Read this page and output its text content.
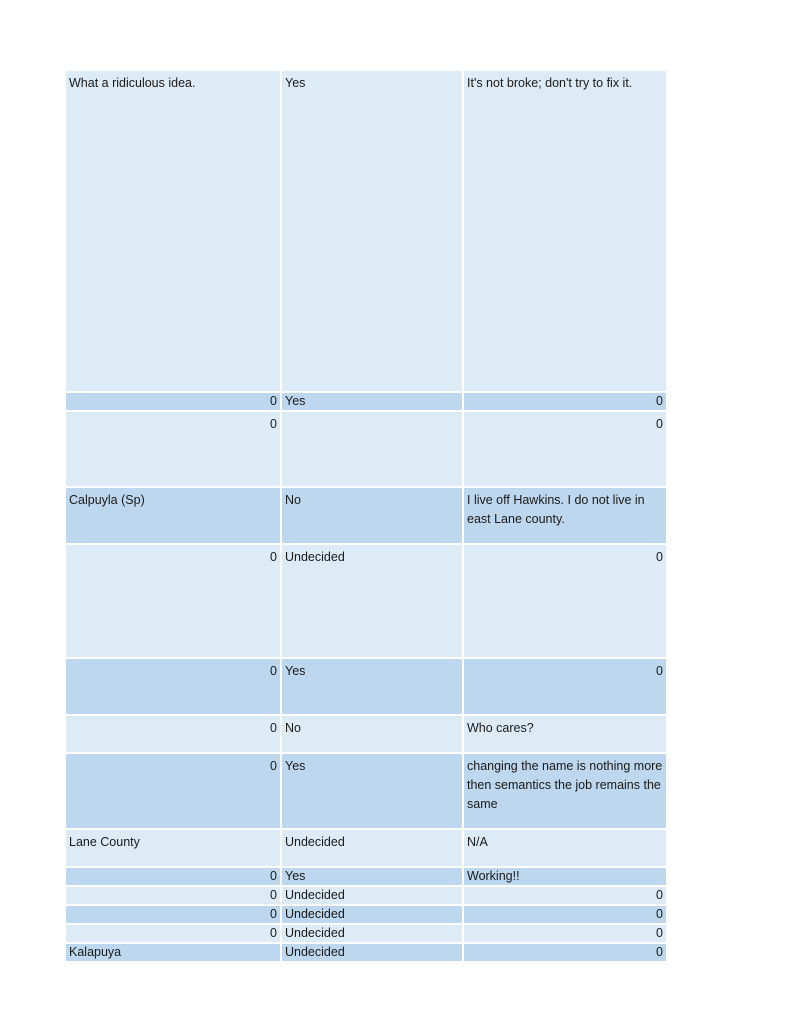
What a ridiculous idea.	Yes	It's not broke; don't try to fix it.
0	Yes	0
0		0
Calpuyla (Sp)	No	I live off Hawkins. I do not live in east Lane county.
0	Undecided	0
0	Yes	0
0	No	Who cares?
0	Yes	changing the name is nothing more then semantics the job remains the same
Lane County	Undecided	N/A
0	Yes	Working!!
0	Undecided	0
0	Undecided	0
0	Undecided	0
Kalapuya	Undecided	0
